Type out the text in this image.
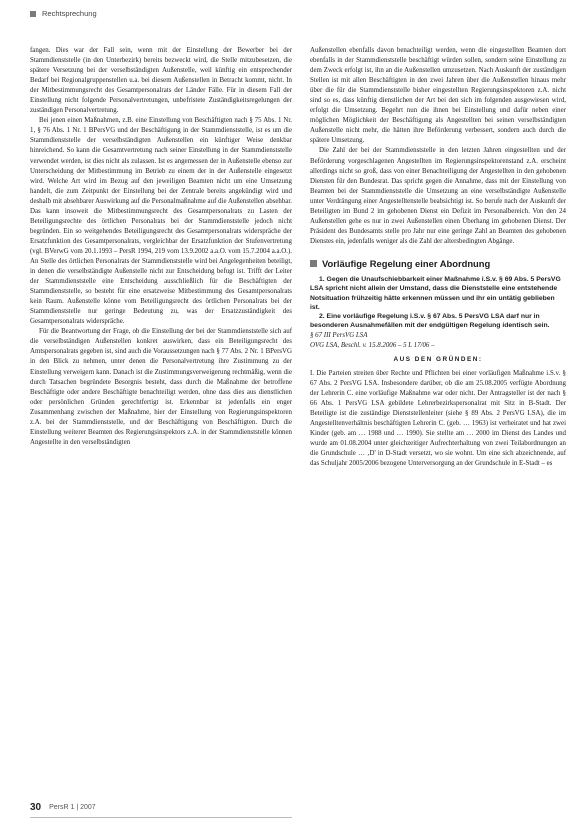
Rechtsprechung

fangen. Dies war der Fall sein, wenn mit der Einstellung der Bewerber bei der Stammdienststelle (in den Unterbezirk) bereits bezweckt wird, die Stelle mitzubesetzen, die spätere Versetzung bei der verselbständigten Außenstelle, weil künftig ein entsprechender Bedarf bei Regionalgruppenstellen u.a. bei diesem Außenstellen in Betracht kommt, nicht. In der Mitbestimmungsrecht des Gesamtpersonalrats der Länder Fälle. Für in diesem Fall der Einstellung nicht folgende Personalvertretungen, unbefristete Zuständigkeitsregelungen der zuständigen Personalvertretung.

Bei jenen einen Maßnahmen, z.B. eine Einstellung von Beschäftigten nach § 75 Abs. 1 Nr. 1, § 76 Abs. 1 Nr. 1 BPersVG und der Beschäftigung in der Stammdienststelle, ist es um die Stammdienststelle der verselbständigten Außenstellen ein künftiger Weise denkbar hinreichend. So kann die Gesamtvertretung nach seiner Einstellung in der Stammdienststelle verwendet werden, ist dies nicht als zulassen. Ist es angemessen der in Außenstelle ebenso zur Unterscheidung der Mitbestimmung im Betrieb zu einem der in der Außenstelle eingesetzt wird. Welche Art wird im Bezug auf den jeweiligen Beamten nicht um eine Umsetzung handelt, die zum Zeitpunkt der Einstellung bei der Zentrale bereits angekündigt wird und deshalb mit absehbarer Auswirkung auf die Personalmaßnahme auf die Außenstellen absehbar. Das kann insoweit die Mitbestimmungsrecht des Gesamtpersonalrats zu Lasten der Beteiligungsrechte des örtlichen Personalrats bei der Stammdienststelle jedoch nicht begründen. Ein so weitgehendes Beteiligungsrecht des Gesamtpersonalrats widerspräche der Ersatzfunktion des Gesamtpersonalrats, vergleichbar der Ersatzfunktion der Stufenvertretung (vgl. BVerwG vom 20.1.1993 – PersR 1994, 219 vom 13.9.2002 a.a.O. vom 15.7.2004 a.a.O.). An Stelle des örtlichen Personalrats der Stammdienststelle wird bei Angelegenheiten beteiligt, in denen die verselbständigte Außenstelle nicht zur Entscheidung befugt ist. Trifft der Leiter der Stammdienststelle eine Entscheidung ausschließlich für die Beschäftigten der Stammdienststelle, so besteht für eine ersatzweise Mitbestimmung des Gesamtpersonalrats kein Raum. Außenstelle könne vom Beteiligungsrecht des örtlichen Personalrats bei der Stammdienststelle nur geringe Bedeutung zu, was der Ersatzzuständigkeit des Gesamtpersonalrats widerspräche.

Für die Beantwortung der Frage, ob die Einstellung der bei der Stammdienststelle sich auf die verselbständigen Außenstellen konkret auswirken, dass ein Beteiligungsrecht des Amtspersonalrats gegeben ist, sind auch die Voraussetzungen nach § 77 Abs. 2 Nr. 1 BPersVG in den Blick zu nehmen, unter denen die Personalvertretung ihre Zustimmung zu der Einstellung verweigern kann. Danach ist die Zustimmungsverweigerung rechtmäßig, wenn die durch Tatsachen begründete Besorgnis besteht, dass durch die Maßnahme der betroffene Beschäftigte oder andere Beschäftigte benachteiligt werden, ohne dass dies aus dienstlichen oder persönlichen Gründen gerechtfertigt ist. Erkennbar ist jedenfalls ein enger Zusammenhang zwischen der Maßnahme, hier der Einstellung von Regierungsinspektoren z.A. bei der Stammdienststelle, und der Beschäftigung von Beschäftigten. Durch die Einstellung weiterer Beamten des Regierungsinspektors z.A. in der Stammdienststelle können Angestellte in den verselbständigten

Außenstellen ebenfalls davon benachteiligt werden, wenn die eingestellten Beamten dort ebenfalls in der Stammdienststelle beschäftigt würden sollen, sondern seine Einstellung zu dem Zweck erfolgt ist, ihn an die Außenstellen umzusetzen. Nach Auskunft der zuständigen Stellen ist mit allen Beschäftigten in den zwei Jahren über die Außenstellen hinaus mehr über die für die Stammdienststelle bisher eingestellten Regierungsinspektoren z.A. nicht sind so es, dass künftig dienstlichen der Art bei den sich im folgenden ausgewiesen wird, erfolgt die Umsetzung. Begehrt nun die ihnen bei Einstellung und dafür neben einer möglichen Möglichkeit der Beschäftigung als Angestellten bei seinen verselbständigten Außenstelle nicht mehr, die hätten ihre Beförderung verbessert, sondern auch durch die spätere Umsetzung.

Die Zahl der bei der Stammdienststelle in den letzten Jahren eingestellten und der Beförderung vorgeschlagenen Angestellten im Regierungsinspektorenstand z.A. erscheint allerdings nicht so groß, dass von einer Benachteiligung der Angestellten in den gehobenen Diensten für den Bundesrat. Das spricht gegen die Annahme, dass mit der Einstellung von Beamten bei der Stammdienststelle die Umsetzung an eine verselbständigte Außenstelle unter Verdrängung einer Angestelltenstelle beabsichtigt ist. So berufe nach der Auskunft der Beteiligten im Bund 2 im gehobenen Dienst ein Defizit im Personalbereich. Von den 24 Außenstellen gehe es nur in zwei Außenstellen einen Überhang im gehobenen Dienst. Der Präsident des Bundesamts stelle pro Jahr nur eine geringe Zahl an Beamten des gehobenen Dienstes ein, jedenfalls weniger als die Zahl der altersbedingten Abgänge.

Vorläufige Regelung einer Abordnung

1. Gegen die Unaufschiebbarkeit einer Maßnahme i.S.v. § 69 Abs. 5 PersVG LSA spricht nicht allein der Umstand, dass die Dienststelle eine entstehende Notsituation frühzeitig hätte erkennen müssen und ihr ein untätig geblieben ist.

2. Eine vorläufige Regelung i.S.v. § 67 Abs. 5 PersVG LSA darf nur in besonderen Ausnahmefällen mit der endgültigen Regelung identisch sein.

§ 67 III PersVG LSA

OVG LSA, Beschl. v. 15.8.2006 – 5 L 17/06 –

AUS DEN GRÜNDEN:

I. Die Parteien streiten über Rechte und Pflichten bei einer vorläufigen Maßnahme i.S.v. § 67 Abs. 2 PersVG LSA. Insbesondere darüber, ob die am 25.08.2005 verfügte Abordnung der Lehrerin C. eine vorläufige Maßnahme war oder nicht. Der Antragsteller ist der nach § 66 Abs. 1 PersVG LSA gebildete Lehrerbezirkspersonalrat mit Sitz in B-Stadt. Der Beteiligte ist die zuständige Dienststellenleiter (siehe § 89 Abs. 2 PersVG LSA), die im Angestelltenverhältnis beschäftigten Lehrerin C. (geb. … 1963) ist verheiratet und hat zwei Kinder (geb. am … 1988 und … 1990). Sie stellte am … 2000 im Dienst des Landes und wurde am 01.08.2004 unter gleichzeitiger Aufrechterhaltung von zwei Teilabordnungen an die Grundschule … ‚D' in D-Stadt versetzt, wo sie wohnt. Um eine sich abzeichnende, auf das Schuljahr 2005/2006 bezogene Unterversorgung an der Grundschule in E-Stadt – es

30 PersR 1 | 2007
